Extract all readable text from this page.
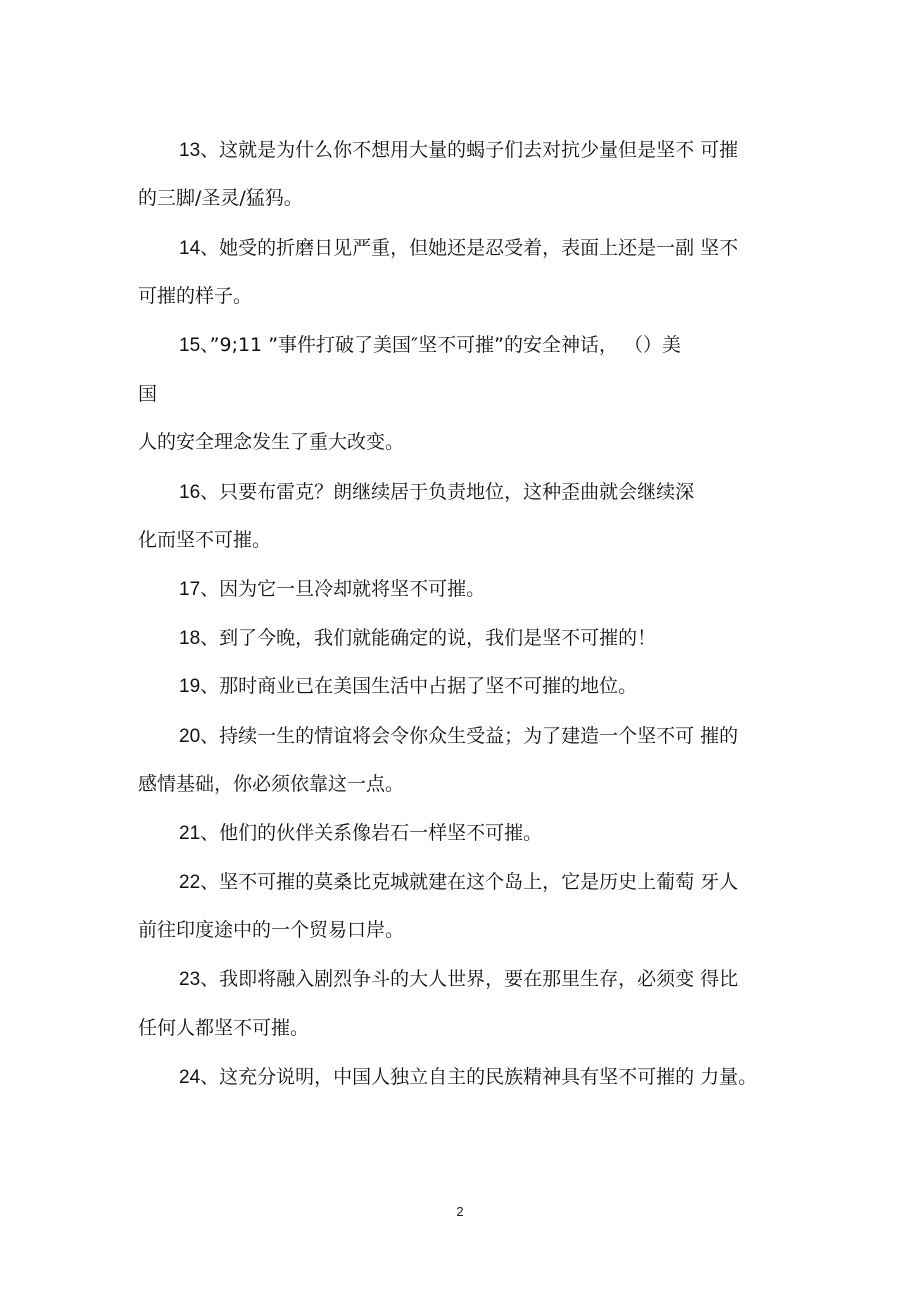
13、这就是为什么你不想用大量的蝎子们去对抗少量但是坚不 可摧
的三脚/圣灵/猛犸。
14、她受的折磨日见严重，但她还是忍受着，表面上还是一副 坚不
可摧的样子。
15、”9;11 ”事件打破了美国″坚不可摧”的安全神话， （）美
国
人的安全理念发生了重大改变。
16、只要布雷克？朗继续居于负责地位，这种歪曲就会继续深
化而坚不可摧。
17、因为它一旦冷却就将坚不可摧。
18、到了今晚，我们就能确定的说，我们是坚不可摧的！
19、那时商业已在美国生活中占据了坚不可摧的地位。
20、持续一生的情谊将会令你众生受益；为了建造一个坚不可 摧的
感情基础，你必须依靠这一点。
21、他们的伙伴关系像岩石一样坚不可摧。
22、坚不可摧的莫桑比克城就建在这个岛上，它是历史上葡萄 牙人
前往印度途中的一个贸易口岸。
23、我即将融入剧烈争斗的大人世界，要在那里生存，必须变 得比
任何人都坚不可摧。
24、这充分说明，中国人独立自主的民族精神具有坚不可摧的 力量。
2
